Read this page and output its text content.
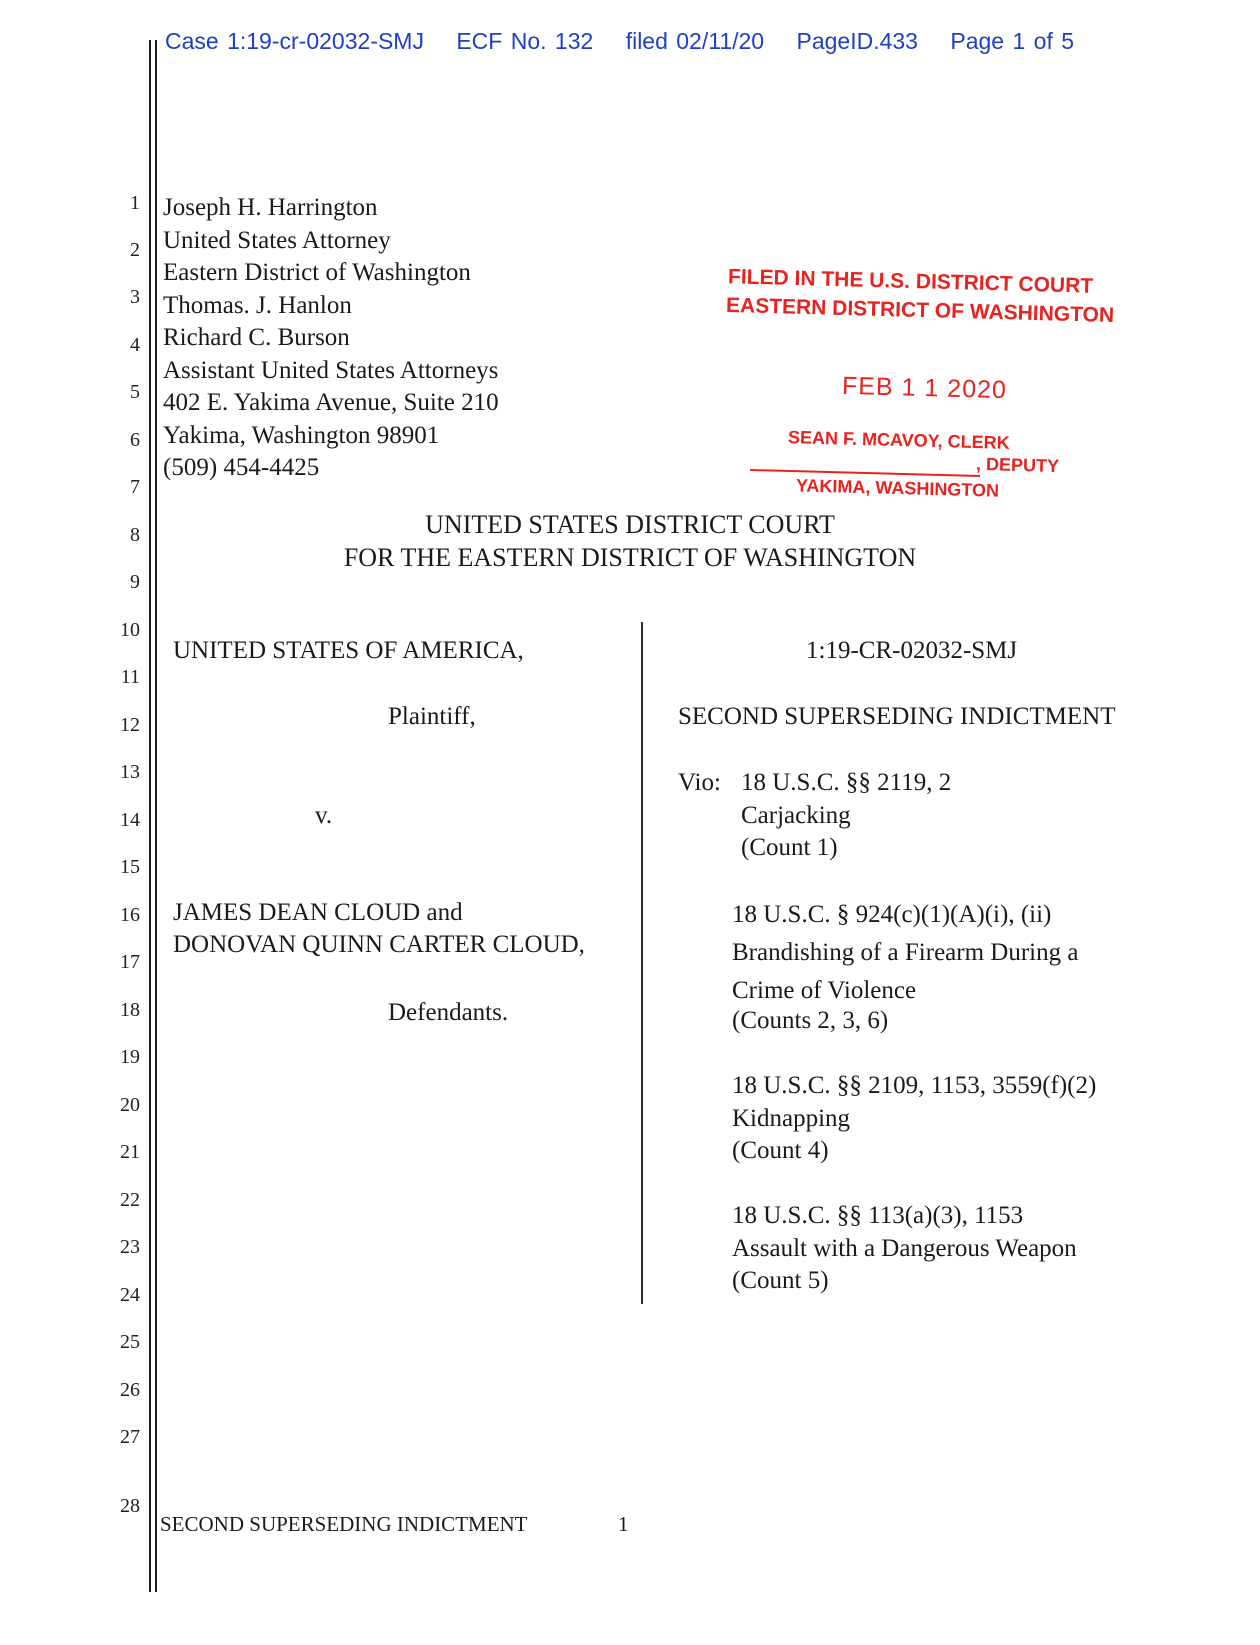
Case 1:19-cr-02032-SMJ ECF No. 132 filed 02/11/20 PageID.433 Page 1 of 5
1
2
3
4
5
6
7
8
9
10
11
12
13
14
15
16
17
18
19
20
21
22
23
24
25
26
27
28
Joseph H. Harrington
United States Attorney
Eastern District of Washington
Thomas. J. Hanlon
Richard C. Burson
Assistant United States Attorneys
402 E. Yakima Avenue, Suite 210
Yakima, Washington 98901
(509) 454-4425
FILED IN THE U.S. DISTRICT COURT
EASTERN DISTRICT OF WASHINGTON
FEB 1 1 2020
SEAN F. MCAVOY, CLERK
, DEPUTY
YAKIMA, WASHINGTON
UNITED STATES DISTRICT COURT
FOR THE EASTERN DISTRICT OF WASHINGTON
UNITED STATES OF AMERICA,
Plaintiff,
v.
JAMES DEAN CLOUD and
DONOVAN QUINN CARTER CLOUD,
Defendants.
1:19-CR-02032-SMJ
SECOND SUPERSEDING INDICTMENT
Vio: 18 U.S.C. §§ 2119, 2
Carjacking
(Count 1)
18 U.S.C. § 924(c)(1)(A)(i), (ii)
Brandishing of a Firearm During a
Crime of Violence
(Counts 2, 3, 6)
18 U.S.C. §§ 2109, 1153, 3559(f)(2)
Kidnapping
(Count 4)
18 U.S.C. §§ 113(a)(3), 1153
Assault with a Dangerous Weapon
(Count 5)
SECOND SUPERSEDING INDICTMENT	1
